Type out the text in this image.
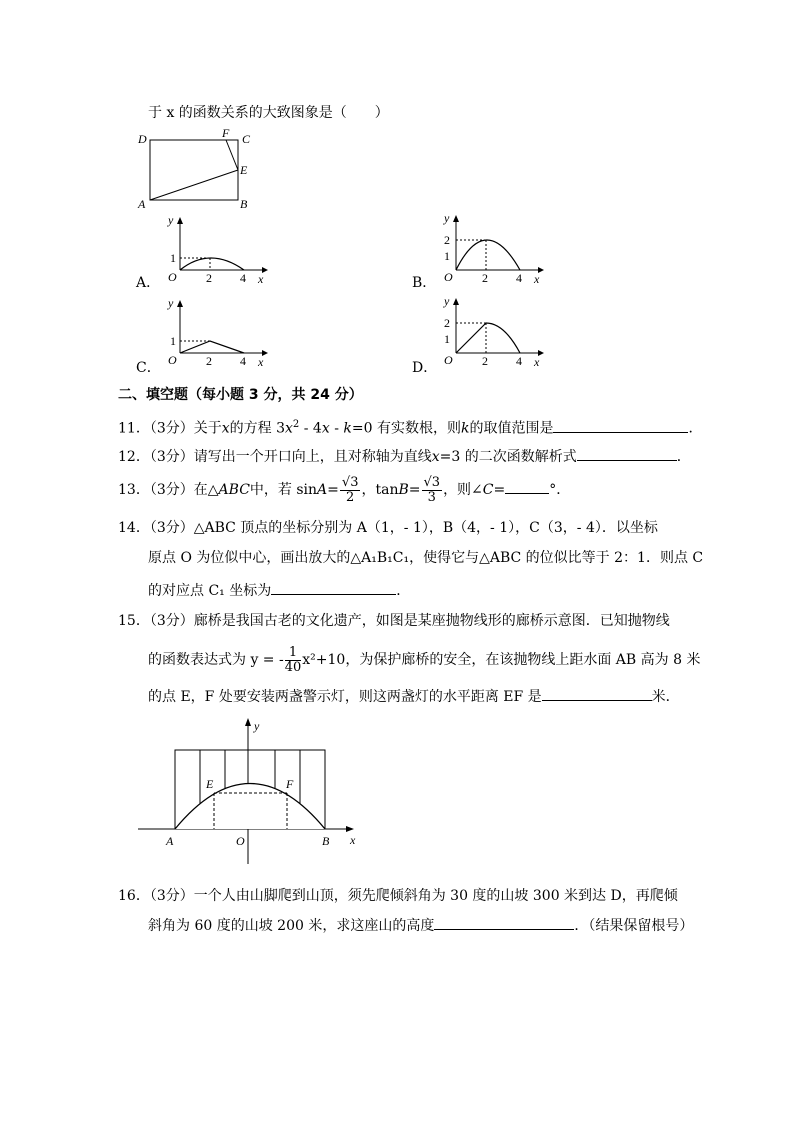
于 x 的函数关系的大致图象是（　　）
D	F C
E
A	B
A．
y
1
O 2 4 x	B．
y
2
1
O 2 4 x
C．
y
1
O 2 4 x	D．
y
2
1
O 2 4 x
二、填空题（每小题 3 分，共 24 分）
11．（3分）关于x的方程 $3x^2 - 4x - k=0$ 有实数根，则k的取值范围是	．
12．（3分）请写出一个开口向上，且对称轴为直线x=3 的二次函数解析式	．
13．（3分）在△ABC中，若 $\sin A= \frac{√3}{2}$ ，$\tan B= \frac{√3}{3}$ ，则∠C=	°．
14．（3分）△ABC 顶点的坐标分别为 A（1，- 1），B（4，- 1），C（3，- 4）．以坐标
原点 O 为位似中心，画出放大的△A₁B₁C₁，使得它与△ABC 的位似比等于 2：1．则点 C
的对应点 C₁ 坐标为	．
15．（3分）廊桥是我国古老的文化遗产，如图是某座抛物线形的廊桥示意图．已知抛物线
的函数表达式为 y = - $\frac{1}{40} x^2+10$，为保护廊桥的安全，在该抛物线上距水面 AB 高为 8 米
的点 E，F 处要安装两盏警示灯，则这两盏灯的水平距离 EF 是	米．
y
x
E	F
A	O	B
16．（3分）一个人由山脚爬到山顶，须先爬倾斜角为 30 度的山坡 300 米到达 D，再爬倾
斜角为 60 度的山坡 200 米，求这座山的高度	．（结果保留根号）
